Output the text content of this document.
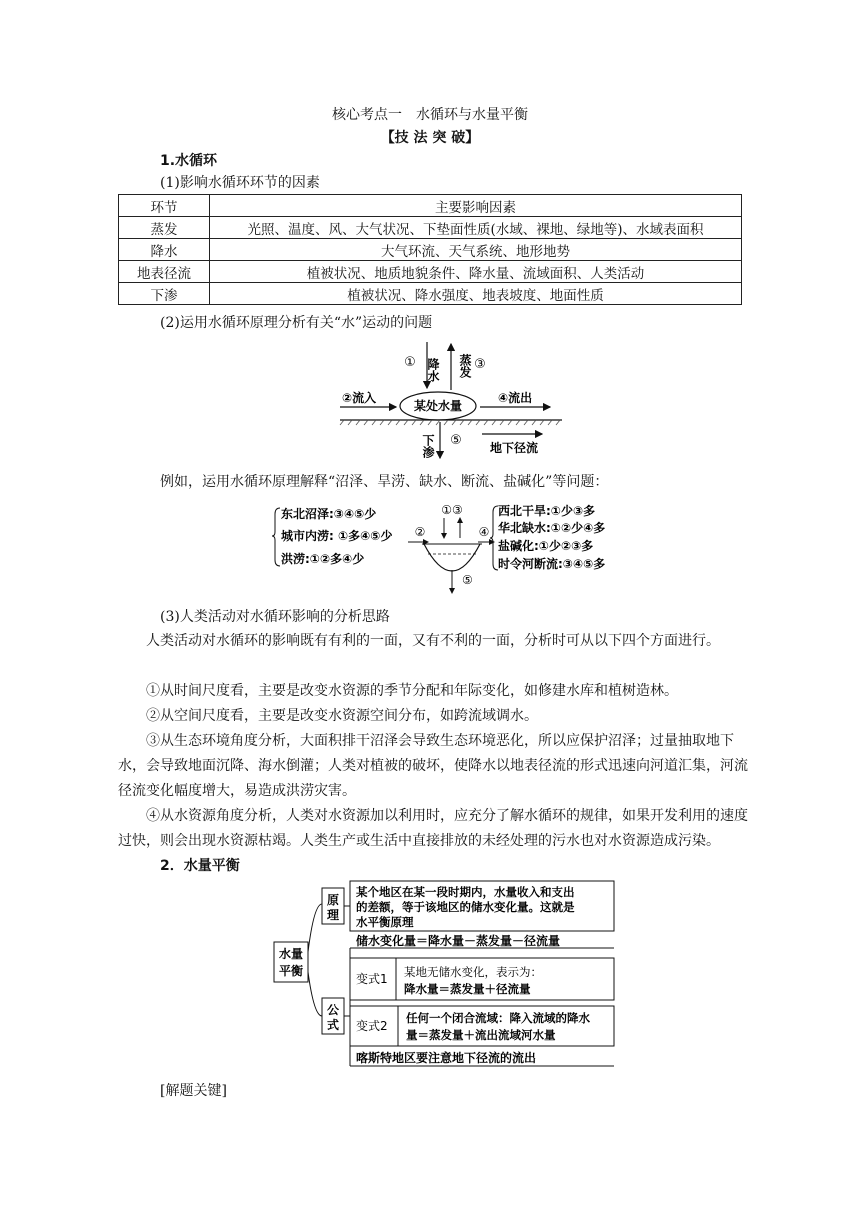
核心考点一　水循环与水量平衡
【技 法 突 破】
1.水循环
(1)影响水循环环节的因素
环节	主要影响因素
蒸发	光照、温度、风、大气状况、下垫面性质(水域、裸地、绿地等)、水域表面积
降水	大气环流、天气系统、地形地势
地表径流	植被状况、地质地貌条件、降水量、流域面积、人类活动
下渗	植被状况、降水强度、地表坡度、地面性质
(2)运用水循环原理分析有关“水”运动的问题
① 降水 蒸发 ③
②流入
某处水量
④流出
下渗 ⑤ 地下径流
例如，运用水循环原理解释“沼泽、旱涝、缺水、断流、盐碱化”等问题：
东北沼泽:③④⑤少
城市内涝: ①多④⑤少
洪涝:①②多④少
①③
②	④
⑤
西北干旱:①少③多
华北缺水:①②少④多
盐碱化:①少②③多
时令河断流:③④⑤多
(3)人类活动对水循环影响的分析思路
人类活动对水循环的影响既有有利的一面，又有不利的一面，分析时可从以下四个方面进行。
①从时间尺度看，主要是改变水资源的季节分配和年际变化，如修建水库和植树造林。
②从空间尺度看，主要是改变水资源空间分布，如跨流域调水。
③从生态环境角度分析，大面积排干沼泽会导致生态环境恶化，所以应保护沼泽；过量抽取地下水，会导致地面沉降、海水倒灌；人类对植被的破坏，使降水以地表径流的形式迅速向河道汇集，河流径流变化幅度增大，易造成洪涝灾害。
④从水资源角度分析，人类对水资源加以利用时，应充分了解水循环的规律，如果开发利用的速度过快，则会出现水资源枯竭。人类生产或生活中直接排放的未经处理的污水也对水资源造成污染。
2．水量平衡
水量
平衡
原
理
某个地区在某一段时期内，水量收入和支出
的差额，等于该地区的储水变化量。这就是
水平衡原理
公
式
储水变化量＝降水量－蒸发量－径流量
变式1 某地无储水变化，表示为：
降水量＝蒸发量＋径流量
变式2
任何一个闭合流域：降入流域的降水
量＝蒸发量＋流出流域河水量
喀斯特地区要注意地下径流的流出
[解题关键]
